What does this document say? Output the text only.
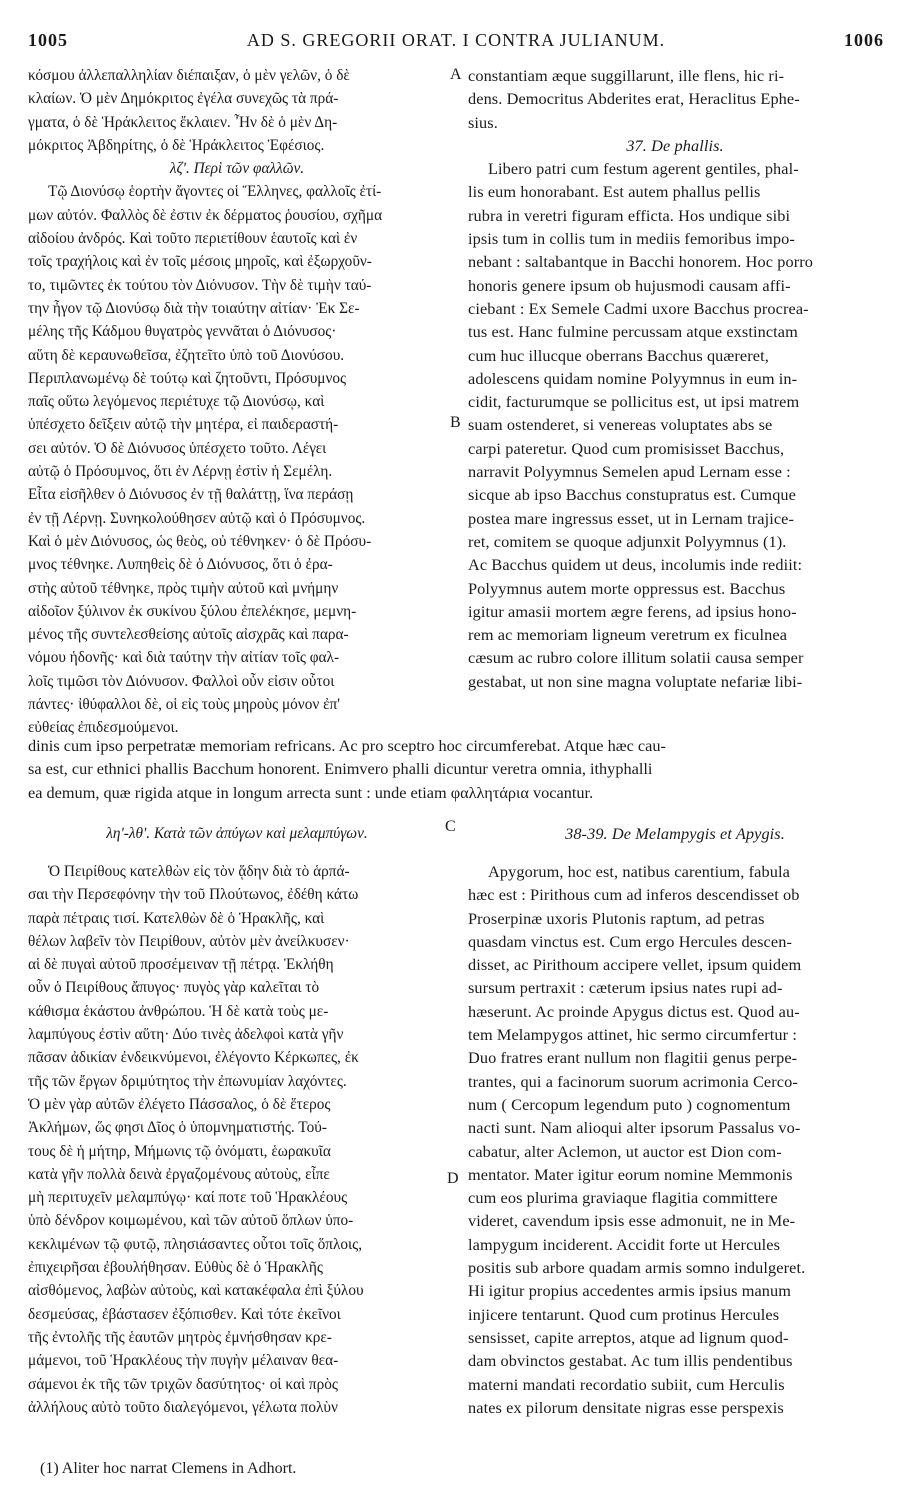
1005	AD S. GREGORII ORAT. I CONTRA JULIANUM.	1006
κόσμου ἀλλεπαλληλίαν διέπαιξαν, ὁ μὲν γελῶν, ὁ δὲ
κλαίων. Ὁ μὲν Δημόκριτος ἐγέλα συνεχῶς τὰ πρά-
γματα, ὁ δὲ Ἡράκλειτος ἔκλαιεν. Ἦν δὲ ὁ μὲν Δη-
μόκριτος Ἀβδηρίτης, ὁ δὲ Ἡράκλειτος Ἐφέσιος.
λζʹ. Περὶ τῶν φαλλῶν.
Τῷ Διονύσῳ ἑορτὴν ἄγοντες οἱ Ἕλληνες, φαλλοῖς ἐτί-
μων αὐτόν. Φαλλὸς δὲ ἐστιν ἐκ δέρματος ῥουσίου, σχῆμα
αἰδοίου ἀνδρός. Καὶ τοῦτο περιετίθουν ἑαυτοῖς καὶ ἐν
τοῖς τραχήλοις καὶ ἐν τοῖς μέσοις μηροῖς, καὶ ἐξωρχοῦν-
το, τιμῶντες ἐκ τούτου τὸν Διόνυσον. Τὴν δὲ τιμὴν ταύ-
την ἦγον τῷ Διονύσῳ διὰ τὴν τοιαύτην αἰτίαν· Ἐκ Σε-
μέλης τῆς Κάδμου θυγατρὸς γεννᾶται ὁ Διόνυσος·
αὕτη δὲ κεραυνωθεῖσα, ἐζητεῖτο ὑπὸ τοῦ Διονύσου.
Περιπλανωμένῳ δὲ τούτῳ καὶ ζητοῦντι, Πρόσυμνος
παῖς οὕτω λεγόμενος περιέτυχε τῷ Διονύσῳ, καὶ
ὑπέσχετο δεῖξειν αὐτῷ τὴν μητέρα, εἰ παιδεραστή-
σει αὐτόν. Ὁ δὲ Διόνυσος ὑπέσχετο τοῦτο. Λέγει
αὐτῷ ὁ Πρόσυμνος, ὅτι ἐν Λέρνῃ ἐστὶν ἡ Σεμέλη.
Εἶτα εἰσῆλθεν ὁ Διόνυσος ἐν τῇ θαλάττῃ, ἵνα περάσῃ
ἐν τῇ Λέρνῃ. Συνηκολούθησεν αὐτῷ καὶ ὁ Πρόσυμνος.
Καὶ ὁ μὲν Διόνυσος, ὡς θεὸς, οὐ τέθνηκεν· ὁ δὲ Πρόσυ-
μνος τέθνηκε. Λυπηθεὶς δὲ ὁ Διόνυσος, ὅτι ὁ ἐρα-
στὴς αὐτοῦ τέθνηκε, πρὸς τιμὴν αὐτοῦ καὶ μνήμην
αἰδοῖον ξύλινον ἐκ συκίνου ξύλου ἐπελέκησε, μεμνη-
μένος τῆς συντελεσθείσης αὐτοῖς αἰσχρᾶς καὶ παρα-
νόμου ἡδονῆς· καὶ διὰ ταύτην τὴν αἰτίαν τοῖς φαλ-
λοῖς τιμῶσι τὸν Διόνυσον. Φαλλοὶ οὖν εἰσιν οὗτοι
πάντες· ἰθύφαλλοι δὲ, οἱ εἰς τοὺς μηροὺς μόνον ἐπ'
εὐθείας ἐπιδεσμούμενοι.
constantiam æque suggillarunt, ille flens, hic ri-
dens. Democritus Abderites erat, Heraclitus Ephe-
sius.
37. De phallis.
Libero patri cum festum agerent gentiles, phal-
lis eum honorabant. Est autem phallus pellis
rubra in veretri figuram efficta. Hos undique sibi
ipsis tum in collis tum in mediis femoribus impo-
nebant : saltabantque in Bacchi honorem. Hoc porro
honoris genere ipsum ob hujusmodi causam affi-
ciebant : Ex Semele Cadmi uxore Bacchus procrea-
tus est. Hanc fulmine percussam atque exstinctam
cum huc illucque oberrans Bacchus quæreret,
adolescens quidam nomine Polyymnus in eum in-
cidit, facturumque se pollicitus est, ut ipsi matrem
suam ostenderet, si venereas voluptates abs se
carpi pateretur. Quod cum promisisset Bacchus,
narravit Polyymnus Semelen apud Lernam esse :
sicque ab ipso Bacchus constupratus est. Cumque
postea mare ingressus esset, ut in Lernam trajice-
ret, comitem se quoque adjunxit Polyymnus (1).
Ac Bacchus quidem ut deus, incolumis inde rediit:
Polyymnus autem morte oppressus est. Bacchus
igitur amasii mortem ægre ferens, ad ipsius hono-
rem ac memoriam ligneum veretrum ex ficulnea
cæsum ac rubro colore illitum solatii causa semper
gestabat, ut non sine magna voluptate nefariæ libi-
dinis cum ipso perpetratæ memoriam refricans. Ac pro sceptro hoc circumferebat. Atque hæc cau-
sa est, cur ethnici phallis Bacchum honorent. Enimvero phalli dicuntur veretra omnia, ithyphalli
ea demum, quæ rigida atque in longum arrecta sunt : unde etiam φαλλητάρια vocantur.
ληʹ-λθʹ. Κατὰ τῶν ἀπύγων καὶ μελαμπύγων.	38-39. De Melampygis et Apygis.
Ὁ Πειρίθους κατελθὼν εἰς τὸν ᾅδην διὰ τὸ ἁρπά-
σαι τὴν Περσεφόνην τὴν τοῦ Πλούτωνος, ἐδέθη κάτω
παρὰ πέτραις τισί. Κατελθὼν δὲ ὁ Ἡρακλῆς, καὶ
θέλων λαβεῖν τὸν Πειρίθουν, αὐτὸν μὲν ἀνείλκυσεν·
αἱ δὲ πυγαὶ αὐτοῦ προσέμειναν τῇ πέτρᾳ. Ἐκλήθη
οὖν ὁ Πειρίθους ἄπυγος· πυγὸς γὰρ καλεῖται τὸ
κάθισμα ἑκάστου ἀνθρώπου. Ἡ δὲ κατὰ τοὺς με-
λαμπύγους ἐστὶν αὕτη· Δύο τινὲς ἀδελφοὶ κατὰ γῆν
πᾶσαν ἀδικίαν ἐνδεικνύμενοι, ἐλέγοντο Κέρκωπες, ἐκ
τῆς τῶν ἔργων δριμύτητος τὴν ἐπωνυμίαν λαχόντες.
Ὁ μὲν γὰρ αὐτῶν ἐλέγετο Πάσσαλος, ὁ δὲ ἕτερος
Ἀκλήμων, ὥς φησι Δῖος ὁ ὑπομνηματιστής. Τού-
τους δὲ ἡ μήτηρ, Μήμωνις τῷ ὀνόματι, ἑωρακυῖα
κατὰ γῆν πολλὰ δεινὰ ἐργαζομένους αὐτοὺς, εἶπε
μὴ περιτυχεῖν μελαμπύγῳ· καί ποτε τοῦ Ἡρακλέους
ὑπὸ δένδρον κοιμωμένου, καὶ τῶν αὐτοῦ ὅπλων ὑπο-
κεκλιμένων τῷ φυτῷ, πλησιάσαντες οὗτοι τοῖς ὅπλοις,
ἐπιχειρῆσαι ἐβουλήθησαν. Εὐθὺς δὲ ὁ Ἡρακλῆς
αἰσθόμενος, λαβὼν αὐτοὺς, καὶ κατακέφαλα ἐπὶ ξύλου
δεσμεύσας, ἐβάστασεν ἐξόπισθεν. Καὶ τότε ἐκεῖνοι
τῆς ἐντολῆς τῆς ἑαυτῶν μητρὸς ἐμνήσθησαν κρε-
μάμενοι, τοῦ Ἡρακλέους τὴν πυγὴν μέλαιναν θεα-
σάμενοι ἐκ τῆς τῶν τριχῶν δασύτητος· οἱ καὶ πρὸς
ἀλλήλους αὐτὸ τοῦτο διαλεγόμενοι, γέλωτα πολὺν
Apygorum, hoc est, natibus carentium, fabula
hæc est : Pirithous cum ad inferos descendisset ob
Proserpinæ uxoris Plutonis raptum, ad petras
quasdam vinctus est. Cum ergo Hercules descen-
disset, ac Pirithoum accipere vellet, ipsum quidem
sursum pertraxit : cæterum ipsius nates rupi ad-
hæserunt. Ac proinde Apygus dictus est. Quod au-
tem Melampygos attinet, hic sermo circumfertur :
Duo fratres erant nullum non flagitii genus perpe-
trantes, qui a facinorum suorum acrimonia Cerco-
num ( Cercopum legendum puto ) cognomentum
nacti sunt. Nam alioqui alter ipsorum Passalus vo-
cabatur, alter Aclemon, ut auctor est Dion com-
mentator. Mater igitur eorum nomine Memmonis
cum eos plurima graviaque flagitia committere
videret, cavendum ipsis esse admonuit, ne in Me-
lampygum inciderent. Accidit forte ut Hercules
positis sub arbore quadam armis somno indulgeret.
Hi igitur propius accedentes armis ipsius manum
injicere tentarunt. Quod cum protinus Hercules
sensisset, capite arreptos, atque ad lignum quod-
dam obvinctos gestabat. Ac tum illis pendentibus
materni mandati recordatio subiit, cum Herculis
nates ex pilorum densitate nigras esse perspexis
A
B
C
D
(1) Aliter hoc narrat Clemens in Adhort.
